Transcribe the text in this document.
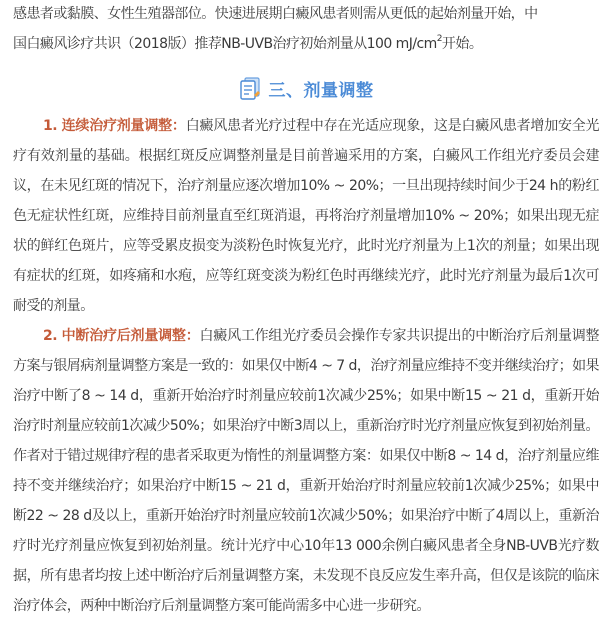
感患者或黏膜、女性生殖器部位。快速进展期白癜风患者则需从更低的起始剂量开始，中
国白癜风诊疗共识（2018版）推荐NB-UVB治疗初始剂量从100 $mJ/cm^2$开始。
三、剂量调整

1. 连续治疗剂量调整：白癜风患者光疗过程中存在光适应现象，这是白癜风患者增加安全光疗有效剂量的基础。根据红斑反应调整剂量是目前普遍采用的方案，白癜风工作组光疗委员会建议，在未见红斑的情况下，治疗剂量应逐次增加10% ~ 20%；一旦出现持续时间少于24 h的粉红色无症状性红斑，应维持目前剂量直至红斑消退，再将治疗剂量增加10% ~ 20%；如果出现无症状的鲜红色斑片，应等受累皮损变为淡粉色时恢复光疗，此时光疗剂量为上1次的剂量；如果出现有症状的红斑，如疼痛和水疱，应等红斑变淡为粉红色时再继续光疗，此时光疗剂量为最后1次可耐受的剂量。

2. 中断治疗后剂量调整：白癜风工作组光疗委员会操作专家共识提出的中断治疗后剂量调整方案与银屑病剂量调整方案是一致的：如果仅中断4 ~ 7 d，治疗剂量应维持不变并继续治疗；如果治疗中断了8 ~ 14 d，重新开始治疗时剂量应较前1次减少25%；如果中断15 ~ 21 d，重新开始治疗时剂量应较前1次减少50%；如果治疗中断3周以上，重新治疗时光疗剂量应恢复到初始剂量。作者对于错过规律疗程的患者采取更为惰性的剂量调整方案：如果仅中断8 ~ 14 d，治疗剂量应维持不变并继续治疗；如果治疗中断15 ~ 21 d，重新开始治疗时剂量应较前1次减少25%；如果中断22 ~ 28 d及以上，重新开始治疗时剂量应较前1次减少50%；如果治疗中断了4周以上，重新治疗时光疗剂量应恢复到初始剂量。统计光疗中心10年13 000余例白癜风患者全身NB-UVB光疗数据，所有患者均按上述中断治疗后剂量调整方案，未发现不良反应发生率升高，但仅是该院的临床治疗体会，两种中断治疗后剂量调整方案可能尚需多中心进一步研究。
